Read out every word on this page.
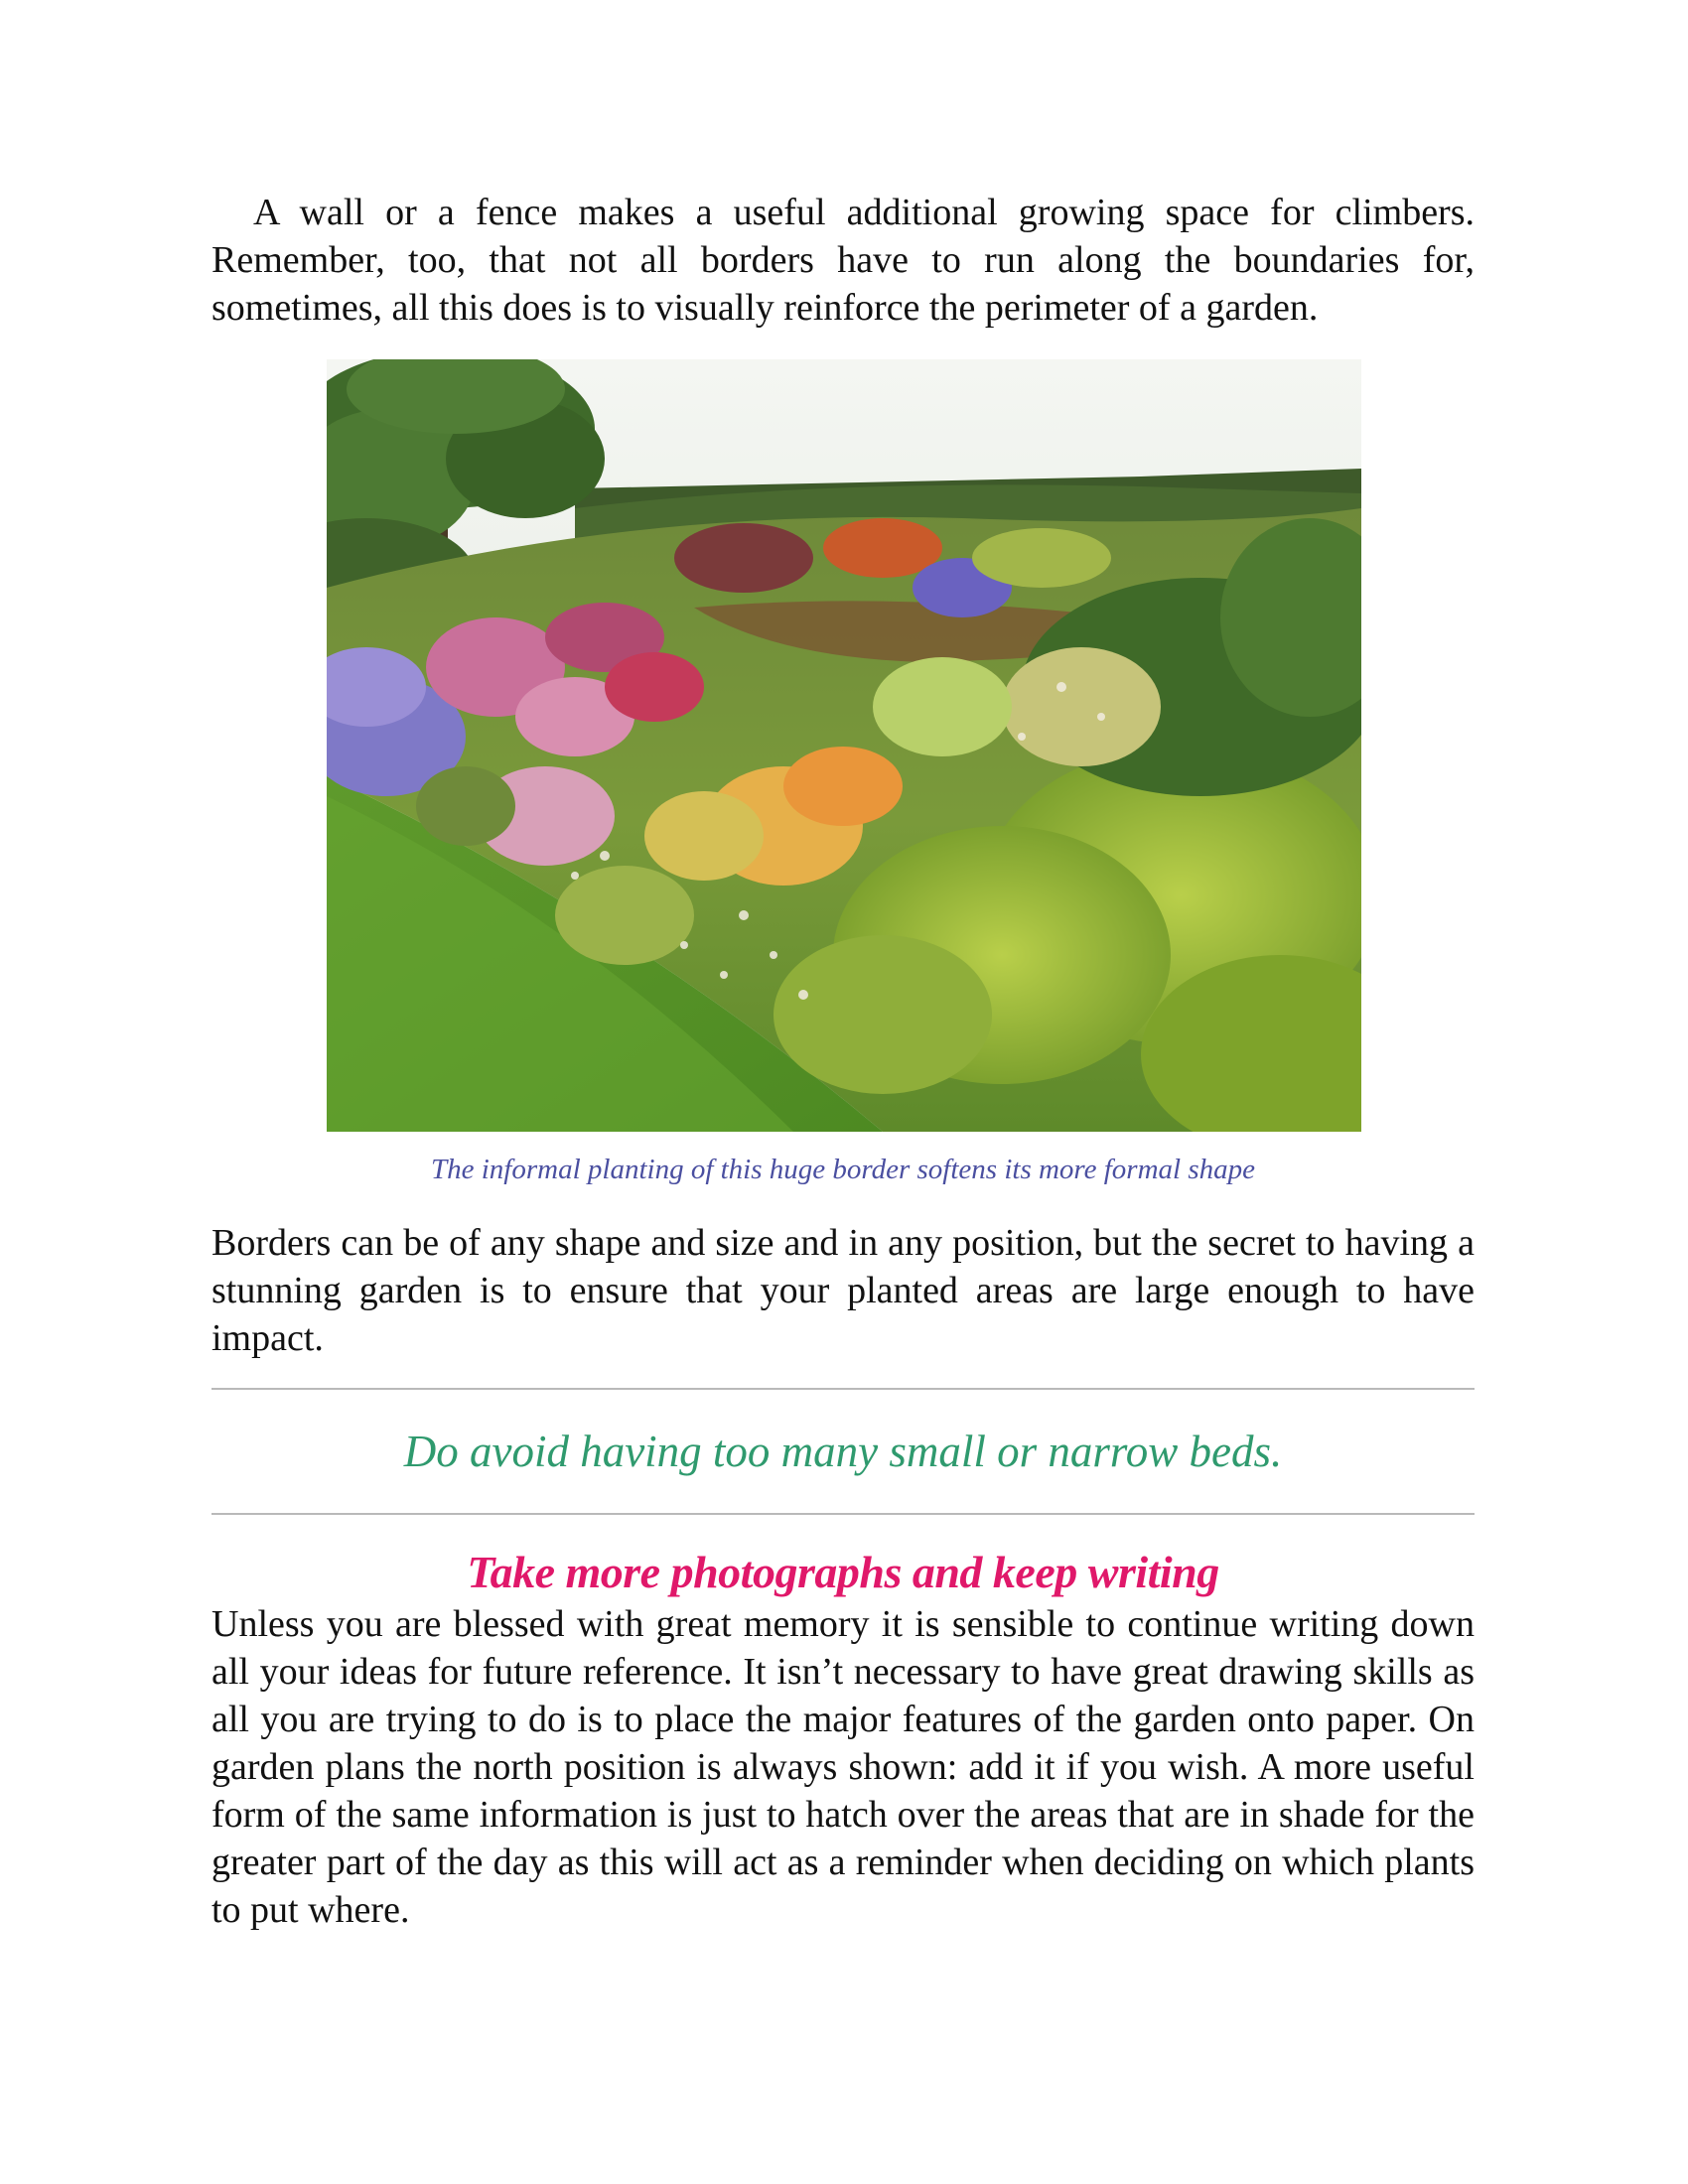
A wall or a fence makes a useful additional growing space for climbers. Remember, too, that not all borders have to run along the boundaries for, sometimes, all this does is to visually reinforce the perimeter of a garden.

The informal planting of this huge border softens its more formal shape

Borders can be of any shape and size and in any position, but the secret to having a stunning garden is to ensure that your planted areas are large enough to have impact.

Do avoid having too many small or narrow beds.

Take more photographs and keep writing

Unless you are blessed with great memory it is sensible to continue writing down all your ideas for future reference. It isn’t necessary to have great drawing skills as all you are trying to do is to place the major features of the garden onto paper. On garden plans the north position is always shown: add it if you wish. A more useful form of the same information is just to hatch over the areas that are in shade for the greater part of the day as this will act as a reminder when deciding on which plants to put where.
